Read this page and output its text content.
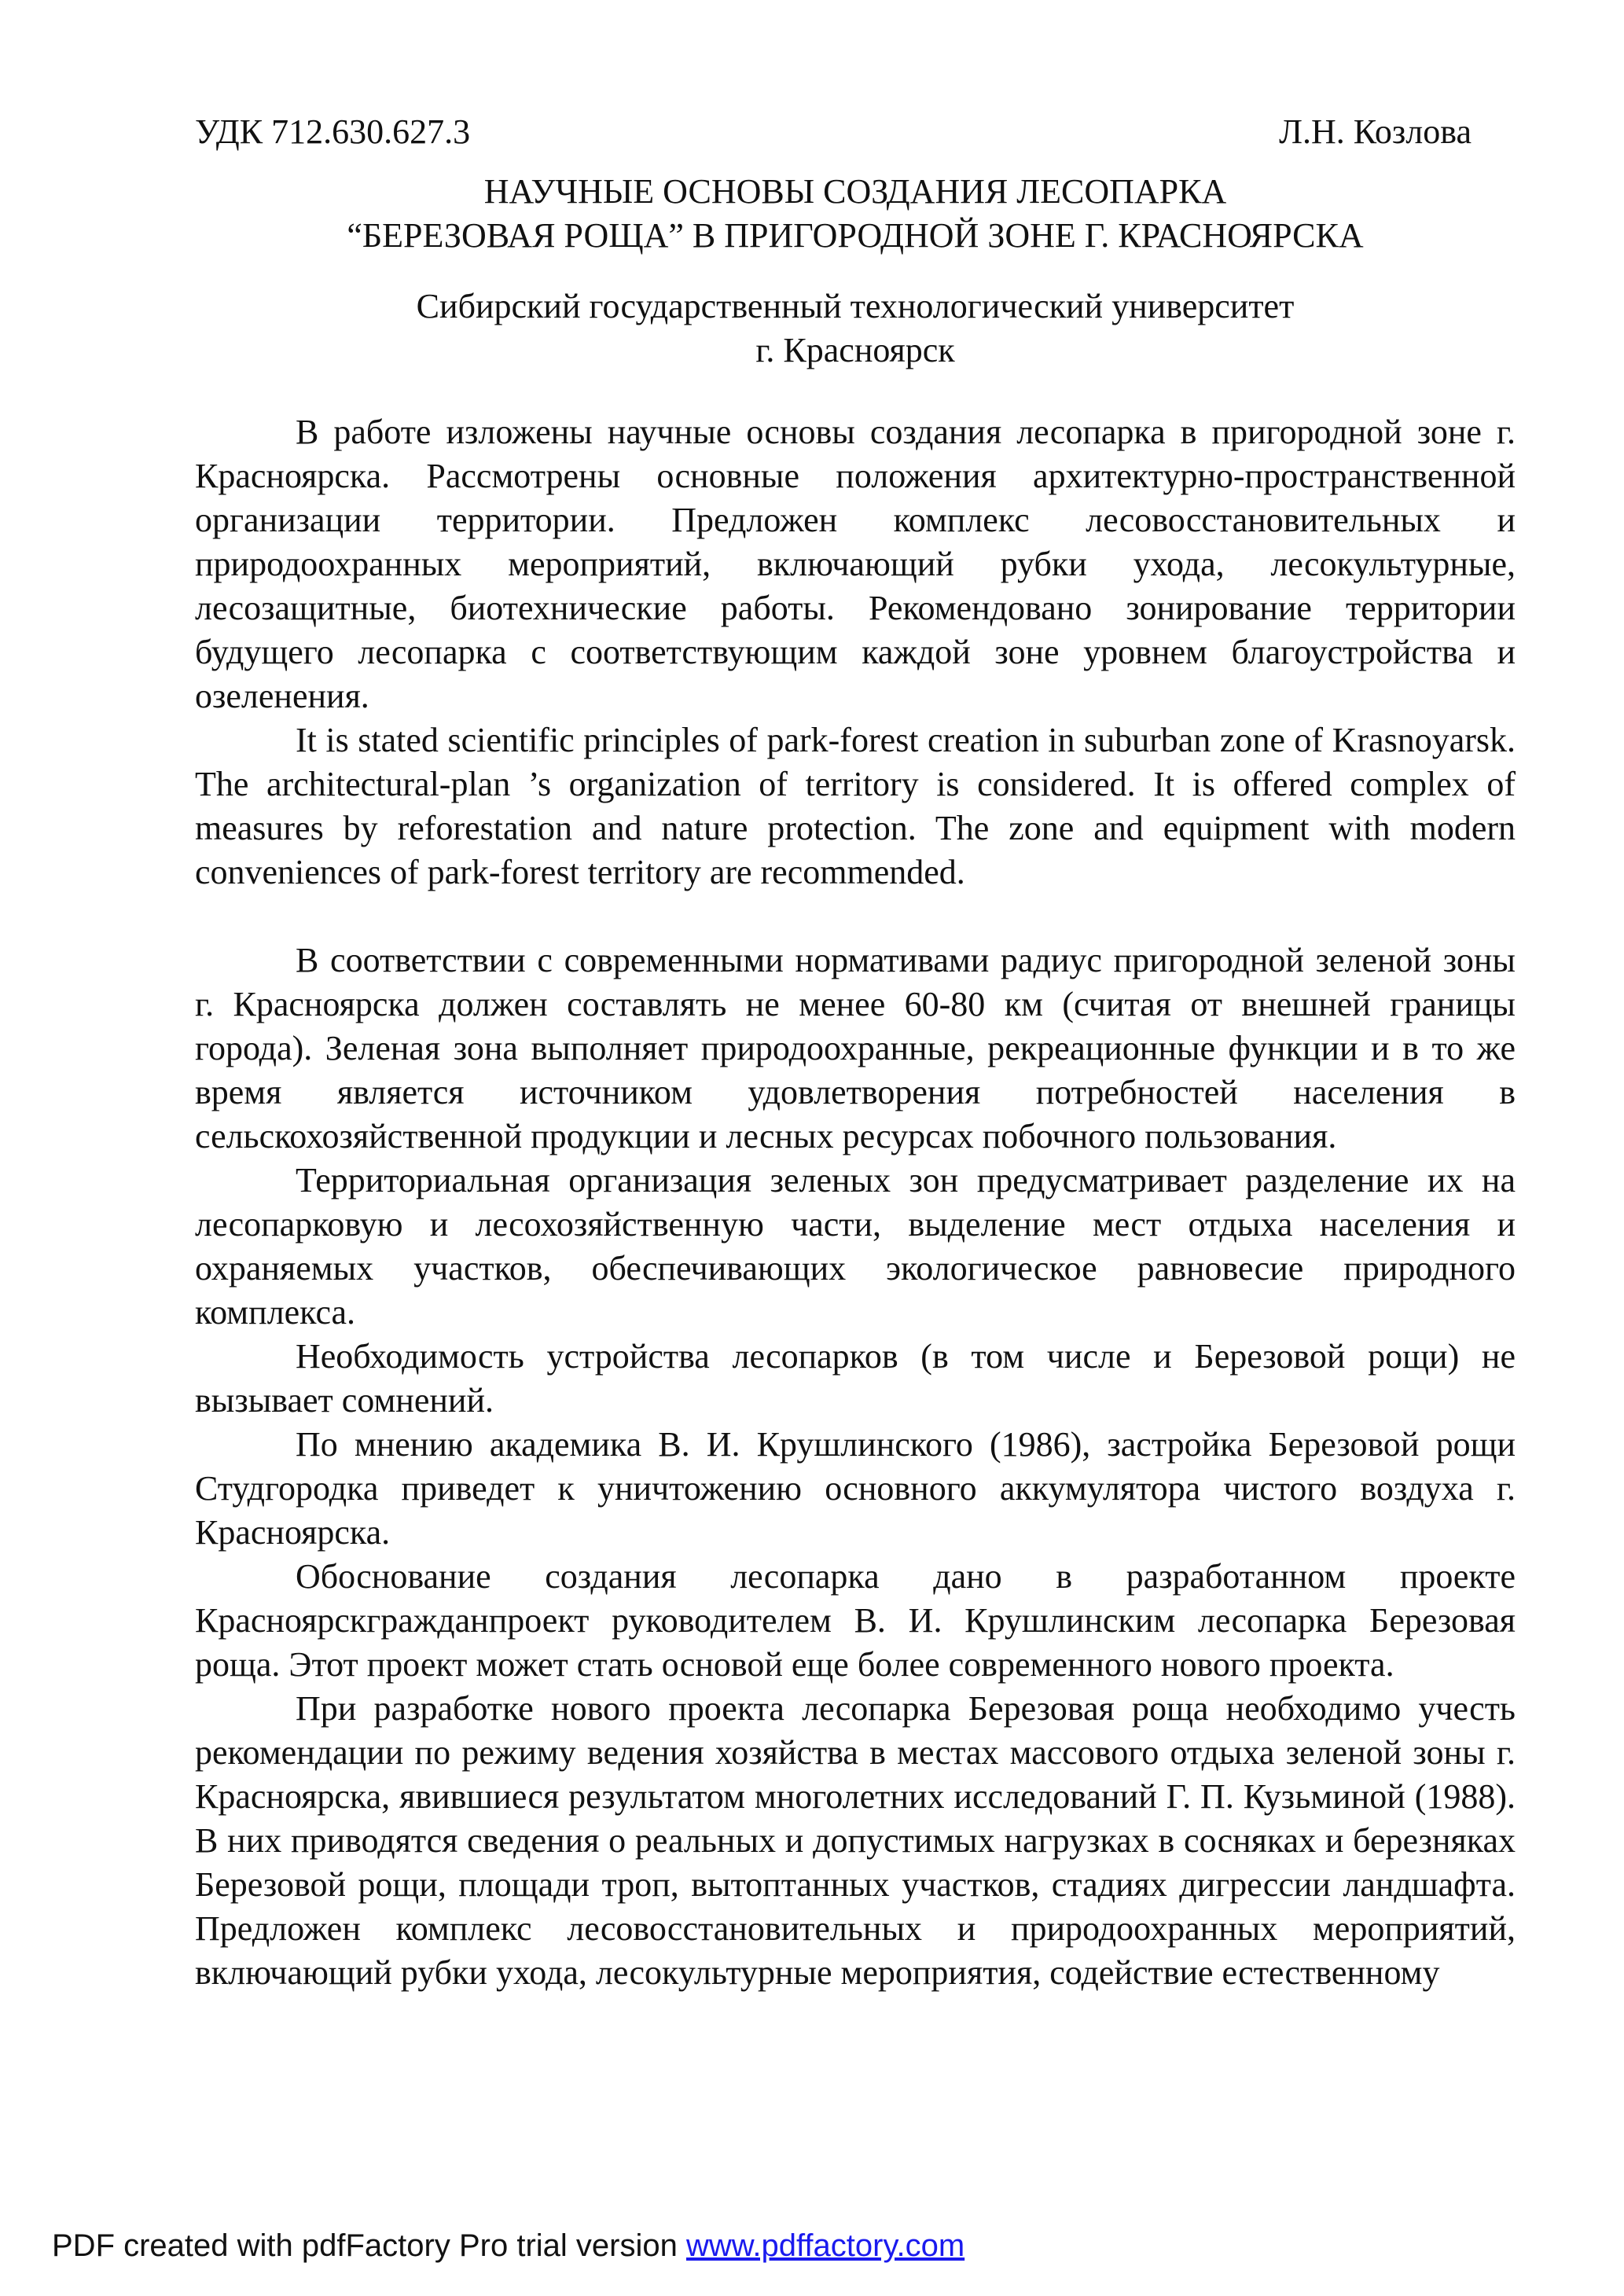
УДК 712.630.627.3	Л.Н. Козлова
НАУЧНЫЕ ОСНОВЫ СОЗДАНИЯ ЛЕСОПАРКА
“БЕРЕЗОВАЯ РОЩА” В ПРИГОРОДНОЙ ЗОНЕ Г. КРАСНОЯРСКА
Сибирский государственный технологический университет
г. Красноярск

В работе изложены научные основы создания лесопарка в пригородной зоне г. Красноярска. Рассмотрены основные положения архитектурно-пространственной организации территории. Предложен комплекс лесовосстановительных и природоохранных мероприятий, включающий рубки ухода, лесокультурные, лесозащитные, биотехнические работы. Рекомендовано зонирование территории будущего лесопарка с соответствующим каждой зоне уровнем благоустройства и озеленения.

It is stated scientific principles of park-forest creation in suburban zone of Krasnoyarsk. The architectural-plan ’s organization of territory is considered. It is offered complex of measures by reforestation and nature protection. The zone and equipment with modern conveniences of park-forest territory are recommended.

В соответствии с современными нормативами радиус пригородной зеленой зоны г. Красноярска должен составлять не менее 60-80 км (считая от внешней границы города). Зеленая зона выполняет природоохранные, рекреационные функции и в то же время является источником удовлетворения потребностей населения в сельскохозяйственной продукции и лесных ресурсах побочного пользования.

Территориальная организация зеленых зон предусматривает разделение их на лесопарковую и лесохозяйственную части, выделение мест отдыха населения и охраняемых участков, обеспечивающих экологическое равновесие природного комплекса.

Необходимость устройства лесопарков (в том числе и Березовой рощи) не вызывает сомнений.

По мнению академика В. И. Крушлинского (1986), застройка Березовой рощи Студгородка приведет к уничтожению основного аккумулятора чистого воздуха г. Красноярска.

Обоснование создания лесопарка дано в разработанном проекте Красноярскгражданпроект руководителем В. И. Крушлинским лесопарка Березовая роща. Этот проект может стать основой еще более современного нового проекта.

При разработке нового проекта лесопарка Березовая роща необходимо учесть рекомендации по режиму ведения хозяйства в местах массового отдыха зеленой зоны г. Красноярска, явившиеся результатом многолетних исследований Г. П. Кузьминой (1988). В них приводятся сведения о реальных и допустимых нагрузках в сосняках и березняках Березовой рощи, площади троп, вытоптанных участков, стадиях дигрессии ландшафта. Предложен комплекс лесовосстановительных и природоохранных мероприятий, включающий рубки ухода, лесокультурные мероприятия, содействие естественному

PDF created with pdfFactory Pro trial version www.pdffactory.com
